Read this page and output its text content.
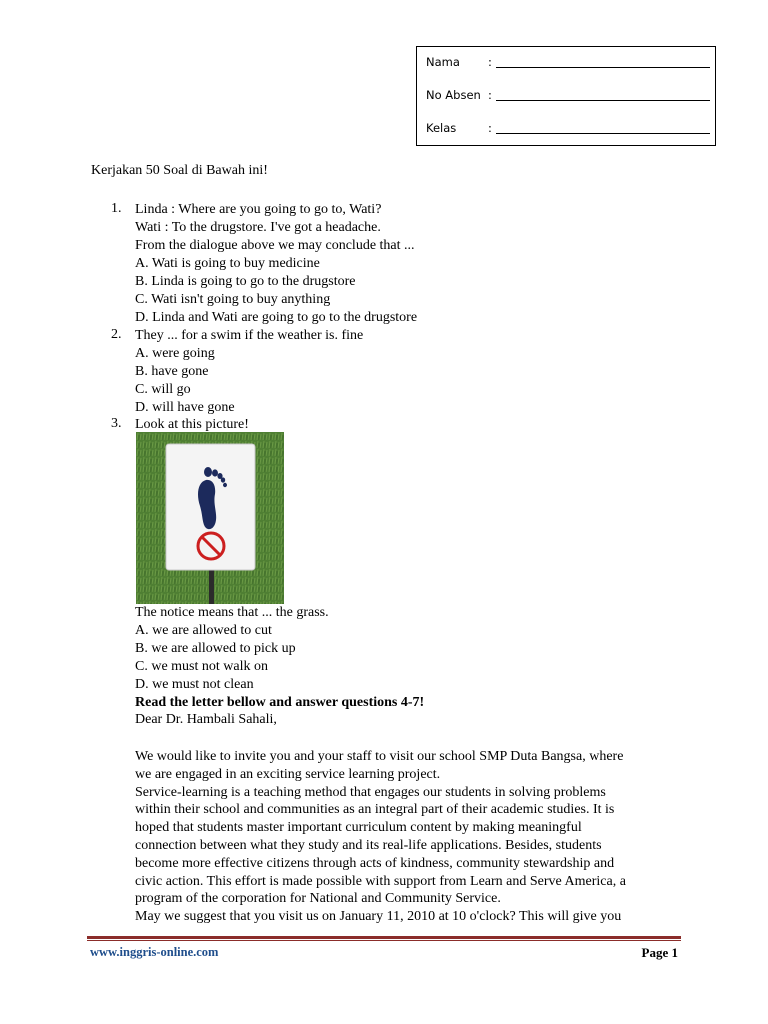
Nama :
No Absen :
Kelas	:
Kerjakan 50 Soal di Bawah ini!
1. Linda : Where are you going to go to, Wati?
Wati : To the drugstore. I've got a headache.
From the dialogue above we may conclude that ...
A. Wati is going to buy medicine
B. Linda is going to go to the drugstore
C. Wati isn't going to buy anything
D. Linda and Wati are going to go to the drugstore
2. They ... for a swim if the weather is. fine
A. were going
B. have gone
C. will go
D. will have gone
3. Look at this picture!
The notice means that ... the grass.
A. we are allowed to cut
B. we are allowed to pick up
C. we must not walk on
D. we must not clean
Read the letter bellow and answer questions 4-7!
Dear Dr. Hambali Sahali,
We would like to invite you and your staff to visit our school SMP Duta Bangsa, where
we are engaged in an exciting service learning project.
Service-learning is a teaching method that engages our students in solving problems
within their school and communities as an integral part of their academic studies. It is
hoped that students master important curriculum content by making meaningful
connection between what they study and its real-life applications. Besides, students
become more effective citizens through acts of kindness, community stewardship and
civic action. This effort is made possible with support from Learn and Serve America, a
program of the corporation for National and Community Service.
May we suggest that you visit us on January 11, 2010 at 10 o'clock? This will give you
www.inggris-online.com	Page 1
